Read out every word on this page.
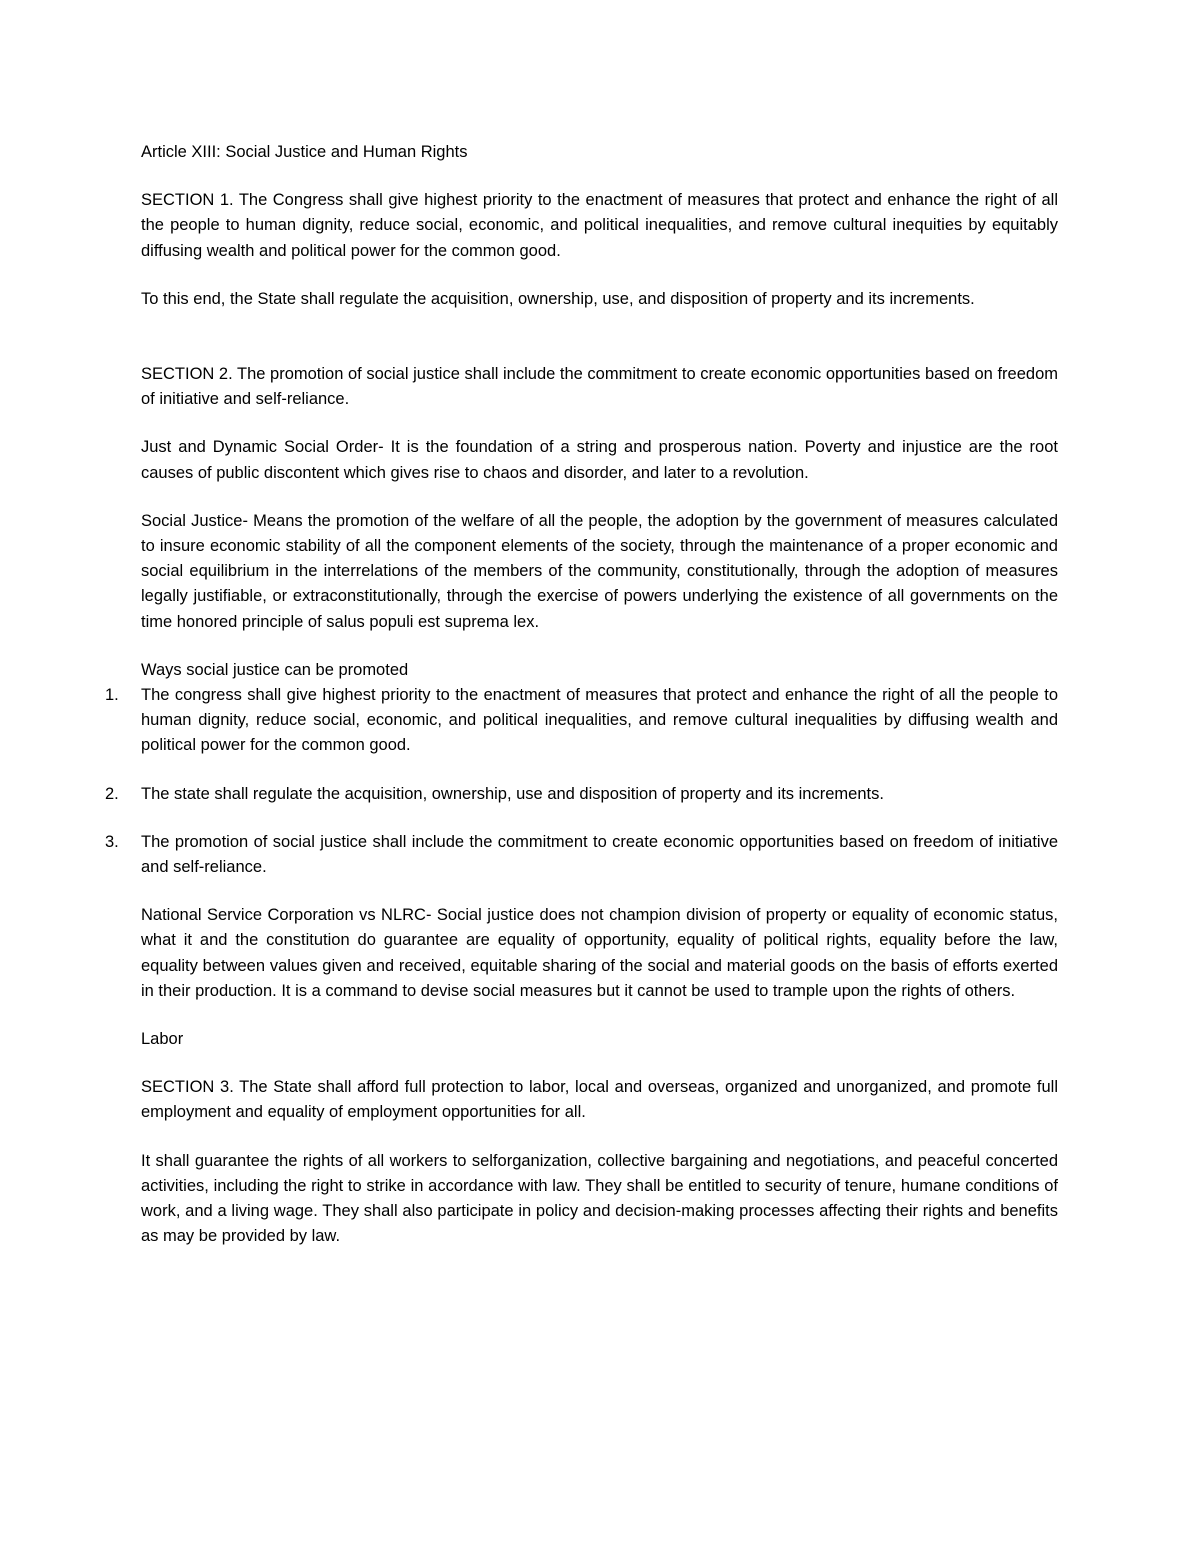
Article XIII: Social Justice and Human Rights

SECTION 1. The Congress shall give highest priority to the enactment of measures that protect and enhance the right of all the people to human dignity, reduce social, economic, and political inequalities, and remove cultural inequities by equitably diffusing wealth and political power for the common good.

To this end, the State shall regulate the acquisition, ownership, use, and disposition of property and its increments.

SECTION 2. The promotion of social justice shall include the commitment to create economic opportunities based on freedom of initiative and self-reliance.

Just and Dynamic Social Order- It is the foundation of a string and prosperous nation. Poverty and injustice are the root causes of public discontent which gives rise to chaos and disorder, and later to a revolution.

Social Justice- Means the promotion of the welfare of all the people, the adoption by the government of measures calculated to insure economic stability of all the component elements of the society, through the maintenance of a proper economic and social equilibrium in the interrelations of the members of the community, constitutionally, through the adoption of measures legally justifiable, or extraconstitutionally, through the exercise of powers underlying the existence of all governments on the time honored principle of salus populi est suprema lex.

Ways social justice can be promoted

1. The congress shall give highest priority to the enactment of measures that protect and enhance the right of all the people to human dignity, reduce social, economic, and political inequalities, and remove cultural inequalities by diffusing wealth and political power for the common good.
2. The state shall regulate the acquisition, ownership, use and disposition of property and its increments.
3. The promotion of social justice shall include the commitment to create economic opportunities based on freedom of initiative and self-reliance.

National Service Corporation vs NLRC- Social justice does not champion division of property or equality of economic status, what it and the constitution do guarantee are equality of opportunity, equality of political rights, equality before the law, equality between values given and received, equitable sharing of the social and material goods on the basis of efforts exerted in their production. It is a command to devise social measures but it cannot be used to trample upon the rights of others.

Labor

SECTION 3. The State shall afford full protection to labor, local and overseas, organized and unorganized, and promote full employment and equality of employment opportunities for all.

It shall guarantee the rights of all workers to selforganization, collective bargaining and negotiations, and peaceful concerted activities, including the right to strike in accordance with law. They shall be entitled to security of tenure, humane conditions of work, and a living wage. They shall also participate in policy and decision-making processes affecting their rights and benefits as may be provided by law.
